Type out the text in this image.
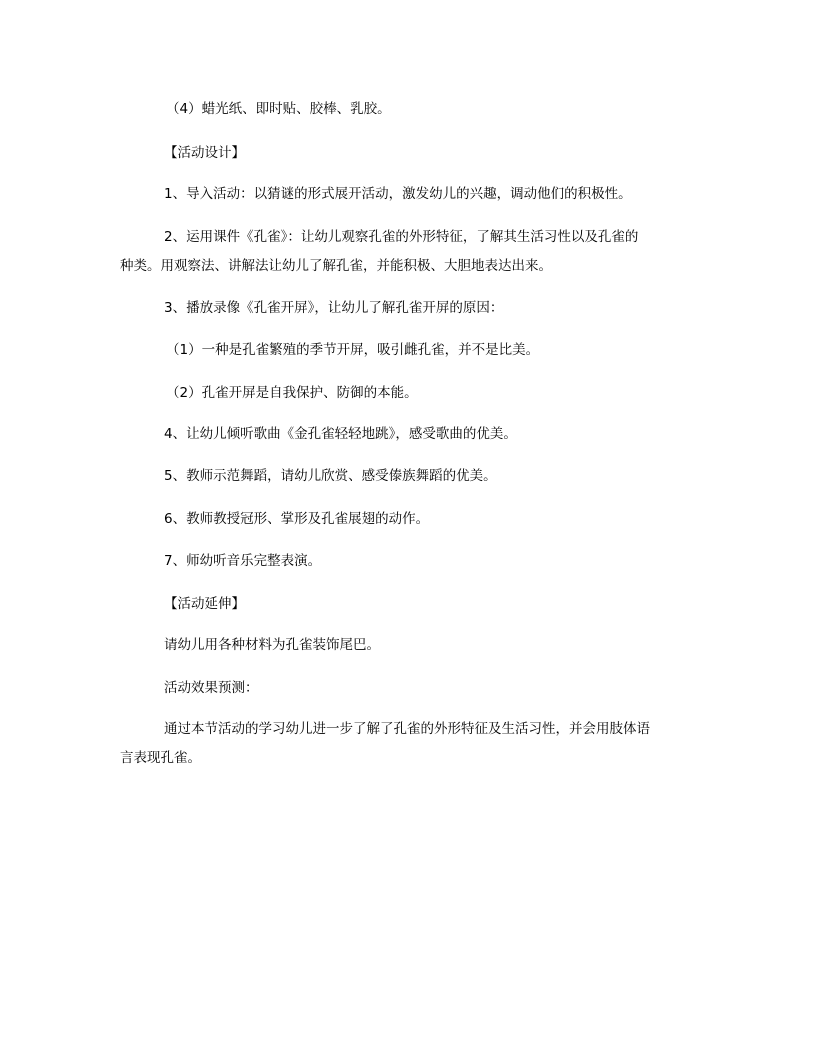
（4）蜡光纸、即时贴、胶棒、乳胶。
【活动设计】
1、导入活动：以猜谜的形式展开活动，激发幼儿的兴趣，调动他们的积极性。
2、运用课件《孔雀》：让幼儿观察孔雀的外形特征，了解其生活习性以及孔雀的
种类。用观察法、讲解法让幼儿了解孔雀，并能积极、大胆地表达出来。
3、播放录像《孔雀开屏》，让幼儿了解孔雀开屏的原因：
（1）一种是孔雀繁殖的季节开屏，吸引雌孔雀，并不是比美。
（2）孔雀开屏是自我保护、防御的本能。
4、让幼儿倾听歌曲《金孔雀轻轻地跳》，感受歌曲的优美。
5、教师示范舞蹈，请幼儿欣赏、感受傣族舞蹈的优美。
6、教师教授冠形、掌形及孔雀展翅的动作。
7、师幼听音乐完整表演。
【活动延伸】
请幼儿用各种材料为孔雀装饰尾巴。
活动效果预测：
通过本节活动的学习幼儿进一步了解了孔雀的外形特征及生活习性，并会用肢体语
言表现孔雀。
